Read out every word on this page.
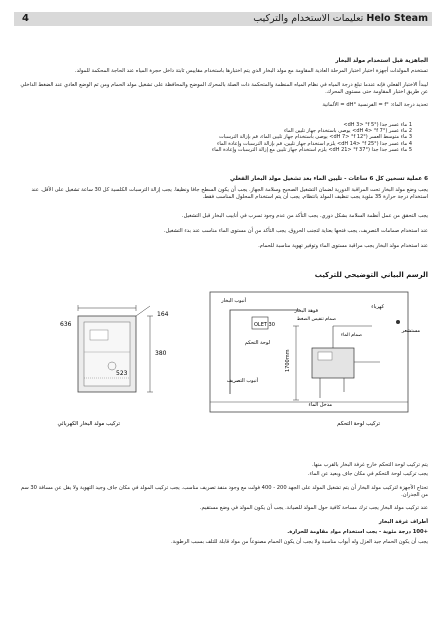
4	Helo Steam تعليمات الاستخدام والتركيب
الجاهزية قبل استخدام مولد البخار
تستخدم المولدات أجهزة اختبار اختبار المرحلة العادية المقاومة مع مولد البخار الذي يتم اختبارها باستخدام مقاييس ثابتة داخل حجرة المياه عند الحاجة المحكمة للمولد.
ليبدأ الاختبار الفعلي فإنه عندما تبلغ درجة المياه في نظام المياه المنظمة والمتحكمة ذات الصلة بالمحرك الموضح والمحافظة على تشغيل مولد الحمام ومن ثم الوضع العادي عند الضغط الداخلي عن طريق اختبار المقاومة حتى مستوى المحرك.
تحديد درجة الماء: °f = الفرنسية °dH = الألمانية
1 ماء عسر جدا (°dH 3> °f 5>
2 ماء عسر (°dH 4> °f 7> يوصى باستخدام جهاز تليين الماء
3 ماء متوسط العسر (°dH 7> °f 12> يوصى باستخدام جهاز تليين الماء، قم بإزالة الترسبات
4 ماء عسر جدا (°dH 14> °f 25> يلزم استخدام جهاز تليين، قم بإزالة الترسبات وإعادة الماء
5 ماء عسر جدا جدا (°dH 21> °f 37> يلزم استخدام جهاز تليين مع إزالة الترسبات وإعادة الماء
6 عملية تسخين كل 6 ساعات - تليين الماء بعد تشغيل مولد البخار الفعلي
يجب وضع مولد البخار تحت المراقبة الدورية لضمان التشغيل الصحيح وسلامة الجهاز. يجب أن يكون السطح جافا ونظيفا. يجب إزالة الترسبات الكلسية كل 30 ساعة تشغيل على الأقل. عند استخدام درجة حرارة 35 مئوية يجب تنظيف المولد بانتظام. يجب أن يتم استخدام المحلول المناسب فقط.
يجب التحقق من عمل أنظمة السلامة بشكل دوري. يجب التأكد من عدم وجود تسرب في أنابيب البخار قبل التشغيل.
عند استخدام صمامات التصريف، يجب فتحها بعناية لتجنب الحروق. يجب التأكد من أن مستوى الماء مناسب عند بدء التشغيل.
عند استخدام مولد البخار يجب مراقبة مستوى الماء وتوفير تهوية مناسبة للحمام.
الرسم البياني التوضيحي للتركيب
636
164
380
523
أنبوب البخار
فوهة البخار
صمام تنفيس الضغط
OLET 30
1700mm
أنبوب التصريف
صمام الماء
مدخل الماء
لوحة التحكم
كهرباء
مستشعر
تركيب مولد البخار الكهربائي	تركيب لوحة التحكم
يتم تركيب لوحة التحكم خارج غرفة البخار بالقرب منها.
يجب تركيب لوحة التحكم في مكان جاف وبعيد عن الماء.
تحتاج الأجهزة لتركيب مولد البخار أن يتم تشغيل المولد على الجهد 200 - 400 فولت مع وجود منفذ تصريف مناسب. يجب تركيب المولد في مكان جاف وجيد التهوية ولا يقل عن مسافة 30 سم من الجدران.
عند تركيب مولد البخار يجب ترك مساحة كافية حول المولد للصيانة. يجب أن يكون المولد في وضع مستقيم.
أطراف غرفة البخار
+100 درجة مئوية - يجب استخدام مواد مقاومة للحرارة.
يجب أن يكون الحمام جيد العزل وله أبواب مناسبة ولا يجب أن يكون الحمام مصنوعاً من مواد قابلة للتلف بسبب الرطوبة.
